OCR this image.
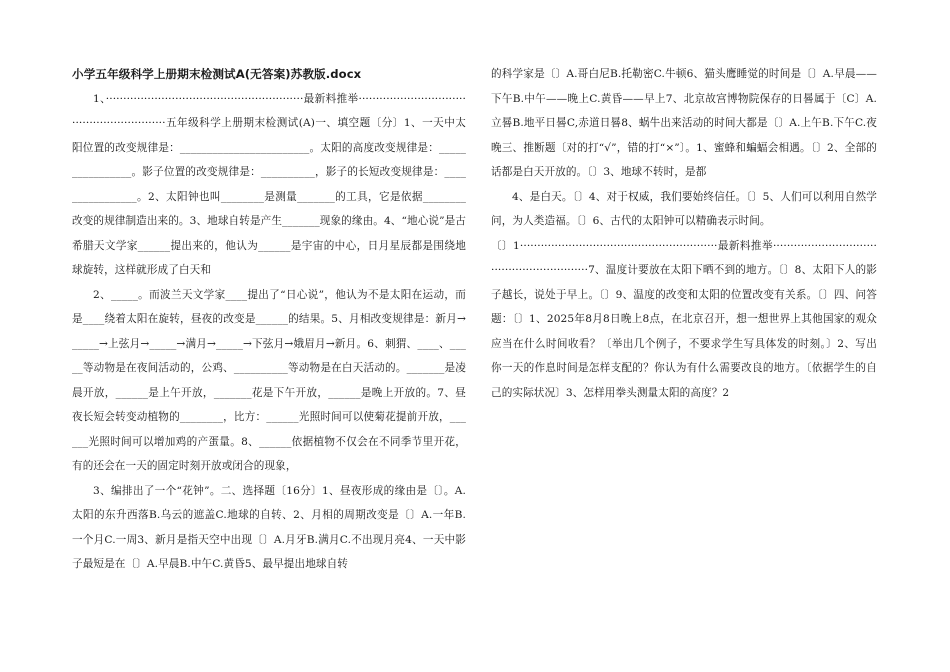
小学五年级科学上册期末检测试A(无答案)苏教版.docx

1、·························································最新料推举··························································五年级科学上册期末检测试(A)一、填空题〔分〕1、一天中太阳位置的改变规律是：________________________。太阳的高度改变规律是：________________。影子位置的改变规律是：__________，影子的长短改变规律是：________________。2、太阳钟也叫________是测量_______的工具，它是依据________改变的规律制造出来的。3、地球自转是产生_______现象的缘由。4、“地心说”是古希腊天文学家______提出来的，他认为______是宇宙的中心，日月星辰都是围绕地球旋转，这样就形成了白天和

2、_____。而波兰天文学家____提出了“日心说”，他认为不是太阳在运动，而是____绕着太阳在旋转，昼夜的改变是______的结果。5、月相改变规律是：新月→_____→上弦月→_____→满月→_____→下弦月→娥眉月→新月。6、刺猬、____、_____等动物是在夜间活动的，公鸡、__________等动物是在白天活动的。_______是凌晨开放，______是上午开放，_______花是下午开放，______是晚上开放的。7、昼夜长短会转变动植物的________，比方：______光照时间可以使菊花提前开放，______光照时间可以增加鸡的产蛋量。8、______依据植物不仅会在不同季节里开花，有的还会在一天的固定时刻开放或闭合的现象，

3、编排出了一个“花钟”。二、选择题〔16分〕1、昼夜形成的缘由是〔〕。A.太阳的东升西落B.乌云的遮盖C.地球的自转、2、月相的周期改变是〔〕A.一年B.一个月C.一周3、新月是指天空中出现〔〕A.月牙B.满月C.不出现月亮4、一天中影子最短是在〔〕A.早晨B.中午C.黄昏5、最早提出地球自转

的科学家是〔〕A.哥白尼B.托勒密C.牛顿6、猫头鹰睡觉的时间是〔〕A.早晨——下午B.中午——晚上C.黄昏——早上7、北京故宫博物院保存的日晷属于〔C〕A.立晷B.地平日晷C,赤道日晷8、蜗牛出来活动的时间大都是〔〕A.上午B.下午C.夜晚三、推断题〔对的打“√”，错的打“×”〕。1、蜜蜂和蝙蝠会相遇。〔〕2、全部的话都是白天开放的。〔〕3、地球不转时，是都

4、是白天。〔〕4、对于权威，我们要始终信任。〔〕5、人们可以利用自然学问，为人类造福。〔〕6、古代的太阳钟可以精确表示时间。

〔〕1·························································最新料推举··························································7、温度计要放在太阳下晒不到的地方。〔〕8、太阳下人的影子越长，说处于早上。〔〕9、温度的改变和太阳的位置改变有关系。〔〕四、问答题：〔〕1、2025年8月8日晚上8点，在北京召开，想一想世界上其他国家的观众应当在什么时间收看？〔举出几个例子，不要求学生写具体发的时刻。〕2、写出你一天的作息时间是怎样支配的？你认为有什么需要改良的地方。〔依据学生的自己的实际状况〕3、怎样用拳头测量太阳的高度？2
